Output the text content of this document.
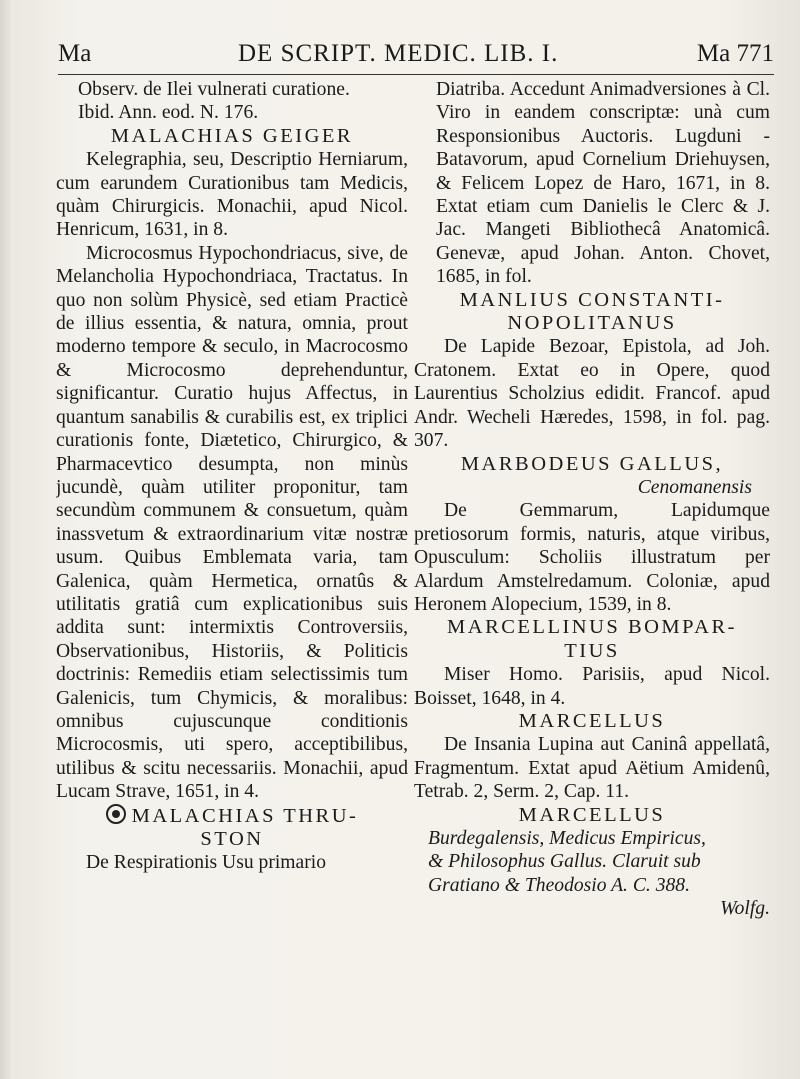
Ma	DE SCRIPT. MEDIC. LIB. I.	Ma 771

Observ. de Ilei vulnerati curatione.

Ibid. Ann. eod. N. 176.

MALACHIAS GEIGER

Kelegraphia, seu, Descriptio Herniarum, cum earundem Curationibus tam Medicis, quàm Chirurgicis. Monachii, apud Nicol. Henricum, 1631, in 8.

Microcosmus Hypochondriacus, sive, de Melancholia Hypochondriaca, Tractatus. In quo non solùm Physicè, sed etiam Practicè de illius essentia, & natura, omnia, prout moderno tempore & seculo, in Macrocosmo & Microcosmo deprehenduntur, significantur. Curatio hujus Affectus, in quantum sanabilis & curabilis est, ex triplici curationis fonte, Diætetico, Chirurgico, & Pharmacevtico desumpta, non minùs jucundè, quàm utiliter proponitur, tam secundùm communem & consuetum, quàm inassvetum & extraordinarium vitæ nostræ usum. Quibus Emblemata varia, tam Galenica, quàm Hermetica, ornatûs & utilitatis gratiâ cum explicationibus suis addita sunt: intermixtis Controversiis, Observationibus, Historiis, & Politicis doctrinis: Remediis etiam selectissimis tum Galenicis, tum Chymicis, & moralibus: omnibus cujuscunque conditionis Microcosmis, uti spero, acceptibilibus, utilibus & scitu necessariis. Monachii, apud Lucam Strave, 1651, in 4.

MALACHIAS THRU-

STON

De Respirationis Usu primario

Diatriba. Accedunt Animadversiones à Cl. Viro in eandem conscriptæ: unà cum Responsionibus Auctoris. Lugduni - Batavorum, apud Cornelium Driehuysen, & Felicem Lopez de Haro, 1671, in 8. Extat etiam cum Danielis le Clerc & J. Jac. Mangeti Bibliothecâ Anatomicâ. Genevæ, apud Johan. Anton. Chovet, 1685, in fol.

MANLIUS CONSTANTI-

NOPOLITANUS

De Lapide Bezoar, Epistola, ad Joh. Cratonem. Extat eo in Opere, quod Laurentius Scholzius edidit. Francof. apud Andr. Wecheli Hæredes, 1598, in fol. pag. 307.

MARBODEUS GALLUS,

Cenomanensis

De Gemmarum, Lapidumque pretiosorum formis, naturis, atque viribus, Opusculum: Scholiis illustratum per Alardum Amstelredamum. Coloniæ, apud Heronem Alopecium, 1539, in 8.

MARCELLINUS BOMPAR-

TIUS

Miser Homo. Parisiis, apud Nicol. Boisset, 1648, in 4.

MARCELLUS

De Insania Lupina aut Caninâ appellatâ, Fragmentum. Extat apud Aëtium Amidenû, Tetrab. 2, Serm. 2, Cap. 11.

MARCELLUS

Burdegalensis, Medicus Empiricus,

& Philosophus Gallus. Claruit sub

Gratiano & Theodosio A. C. 388.

Wolfg.
